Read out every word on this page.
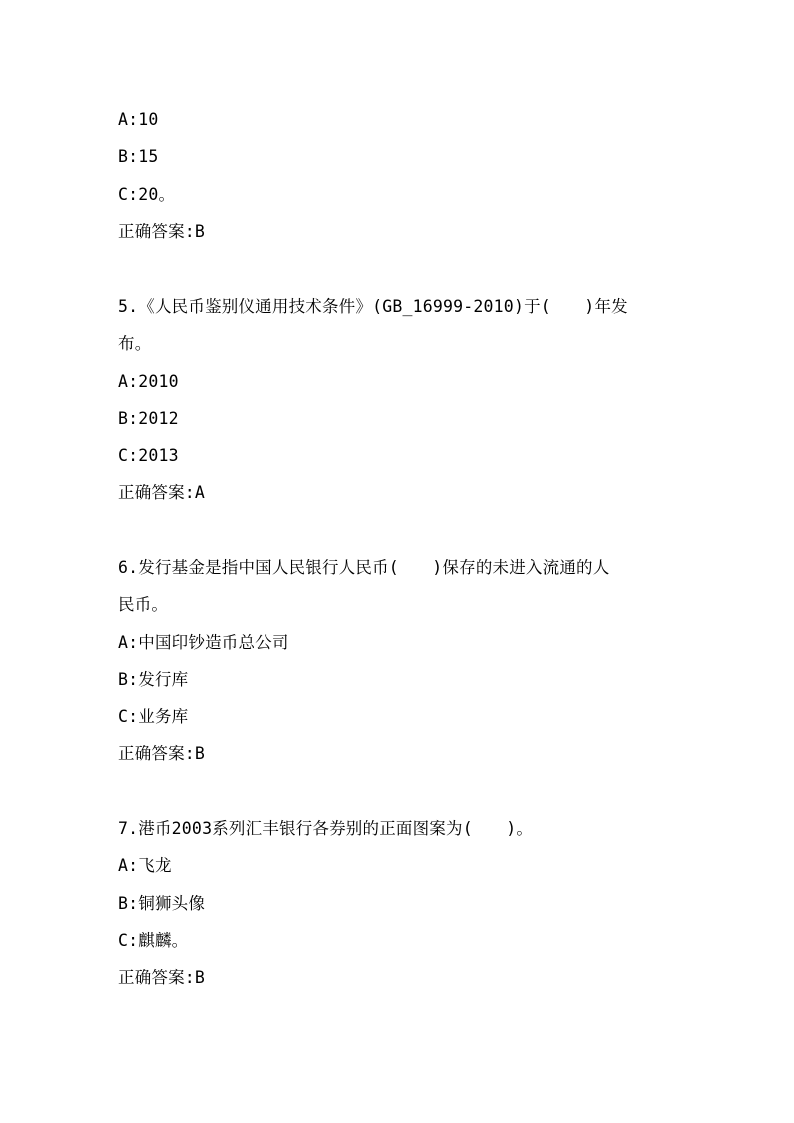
A:10
B:15
C:20。
正确答案:B
5.《人民币鉴别仪通用技术条件》(GB_16999-2010)于(　　)年发
布。
A:2010
B:2012
C:2013
正确答案:A
6.发行基金是指中国人民银行人民币(　　)保存的未进入流通的人
民币。
A:中国印钞造币总公司
B:发行库
C:业务库
正确答案:B
7.港币2003系列汇丰银行各券别的正面图案为(　　)。
A:飞龙
B:铜狮头像
C:麒麟。
正确答案:B
